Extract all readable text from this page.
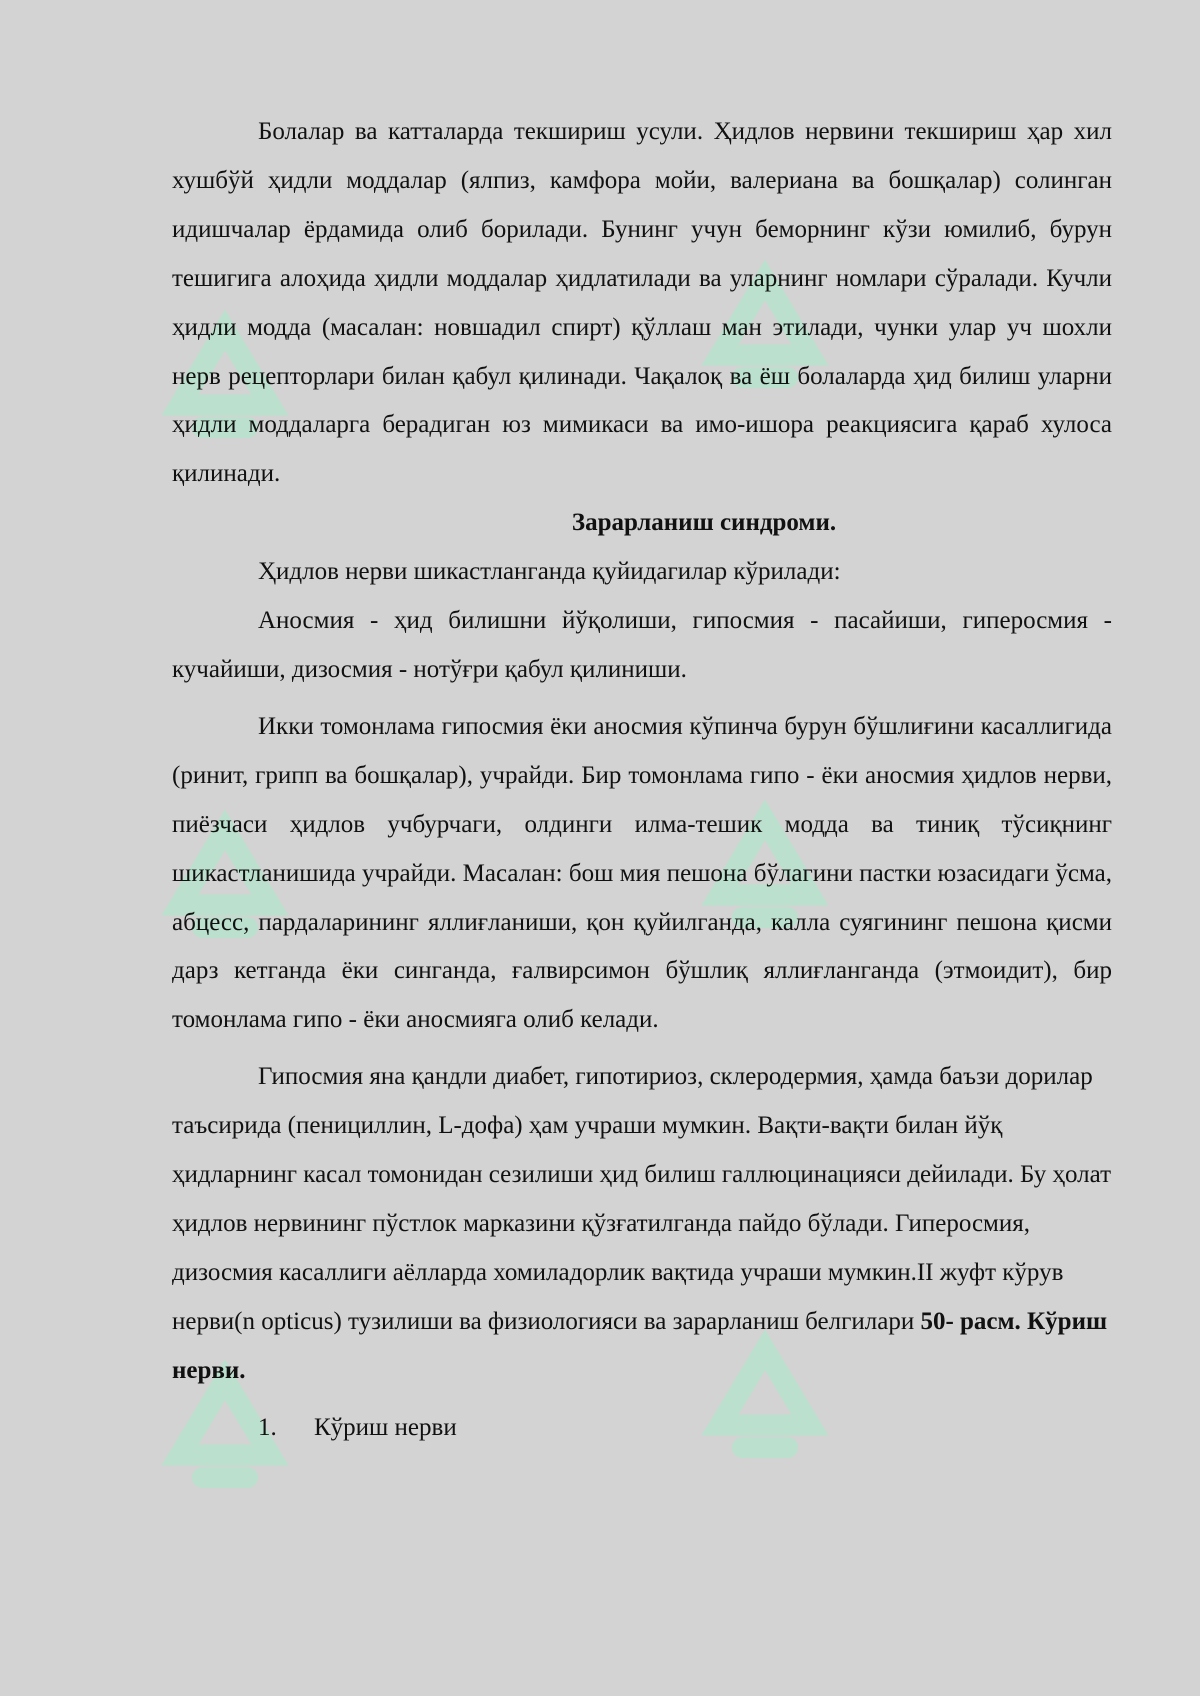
Болалар ва катталарда текшириш усули. Ҳидлов нервини текшириш ҳар хил хушбўй ҳидли моддалар (ялпиз, камфора мойи, валериана ва бошқалар) солинган идишчалар ёрдамида олиб борилади. Бунинг учун беморнинг кўзи юмилиб, бурун тешигига алоҳида ҳидли моддалар ҳидлатилади ва уларнинг номлари сўралади. Кучли ҳидли модда (масалан: новшадил спирт) қўллаш ман этилади, чунки улар уч шохли нерв рецепторлари билан қабул қилинади. Чақалоқ ва ёш болаларда ҳид билиш уларни ҳидли моддаларга берадиган юз мимикаси ва имо-ишора реакциясига қараб хулоса қилинади.

Зарарланиш синдроми.

Ҳидлов нерви шикастланганда қуйидагилар кўрилади:

Аносмия - ҳид билишни йўқолиши, гипосмия - пасайиши, гиперосмия - кучайиши, дизосмия - нотўғри қабул қилиниши.

Икки томонлама гипосмия ёки аносмия кўпинча бурун бўшлиғини касаллигида (ринит, грипп ва бошқалар), учрайди. Бир томонлама гипо - ёки аносмия ҳидлов нерви, пиёзчаси ҳидлов учбурчаги, олдинги илма-тешик модда ва тиниқ тўсиқнинг шикастланишида учрайди. Масалан: бош мия пешона бўлагини пастки юзасидаги ўсма, абцесс, пардаларининг яллиғланиши, қон қуйилганда, калла суягининг пешона қисми дарз кетганда ёки синганда, ғалвирсимон бўшлиқ яллиғланганда (этмоидит), бир томонлама гипо - ёки аносмияга олиб келади.

Гипосмия яна қандли диабет, гипотириоз, склеродермия, ҳамда баъзи дорилар таъсирида (пенициллин, L-дофа) ҳам учраши мумкин. Вақти-вақти билан йўқ ҳидларнинг касал томонидан сезилиши ҳид билиш галлюцинацияси дейилади. Бу ҳолат ҳидлов нервининг пўстлок марказини қўзғатилганда пайдо бўлади. Гиперосмия, дизосмия касаллиги аёлларда хомиладорлик вақтида учраши мумкин.II жуфт кўрув нерви(n opticus) тузилиши ва физиологияси ва зарарланиш белгилари 50- расм. Кўриш нерви.

1.	Кўриш нерви
